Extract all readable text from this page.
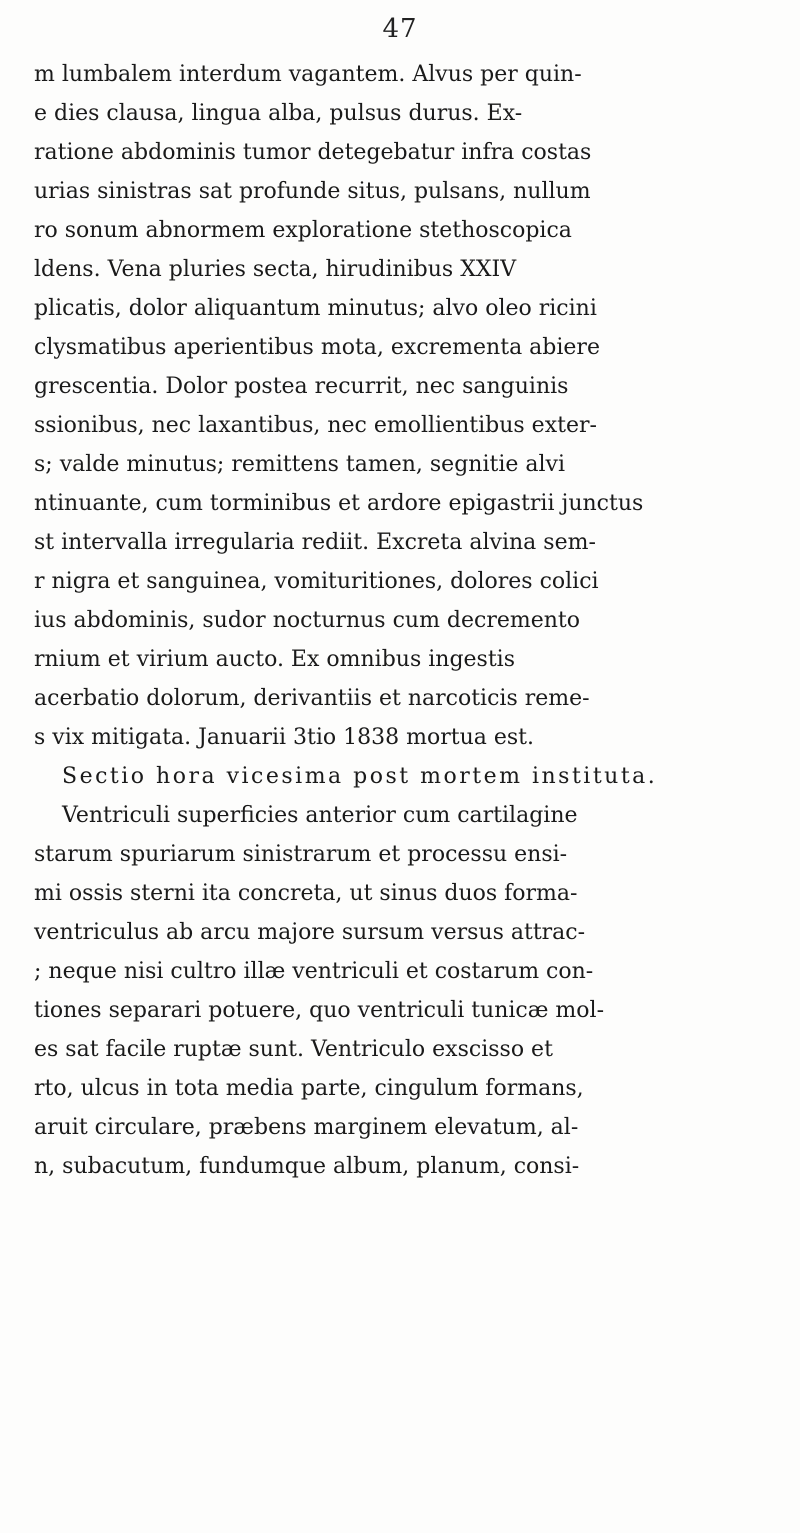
47
m lumbalem interdum vagantem. Alvus per quin-
e dies clausa, lingua alba, pulsus durus. Ex-
ratione abdominis tumor detegebatur infra costas
urias sinistras sat profunde situs, pulsans, nullum
ro sonum abnormem exploratione stethoscopica
ldens. Vena pluries secta, hirudinibus XXIV
plicatis, dolor aliquantum minutus; alvo oleo ricini
clysmatibus aperientibus mota, excrementa abiere
grescentia. Dolor postea recurrit, nec sanguinis
ssionibus, nec laxantibus, nec emollientibus exter-
s; valde minutus; remittens tamen, segnitie alvi
ntinuante, cum torminibus et ardore epigastrii junctus
st intervalla irregularia rediit. Excreta alvina sem-
r nigra et sanguinea, vomituritiones, dolores colici
ius abdominis, sudor nocturnus cum decremento
rnium et virium aucto. Ex omnibus ingestis
acerbatio dolorum, derivantiis et narcoticis reme-
s vix mitigata. Januarii 3tio 1838 mortua est.
Sectio hora vicesima post mortem instituta.
Ventriculi superficies anterior cum cartilagine
starum spuriarum sinistrarum et processu ensi-
mi ossis sterni ita concreta, ut sinus duos forma-
ventriculus ab arcu majore sursum versus attrac-
; neque nisi cultro illæ ventriculi et costarum con-
tiones separari potuere, quo ventriculi tunicæ mol-
es sat facile ruptæ sunt. Ventriculo exscisso et
rto, ulcus in tota media parte, cingulum formans,
aruit circulare, præbens marginem elevatum, al-
n, subacutum, fundumque album, planum, consi-
